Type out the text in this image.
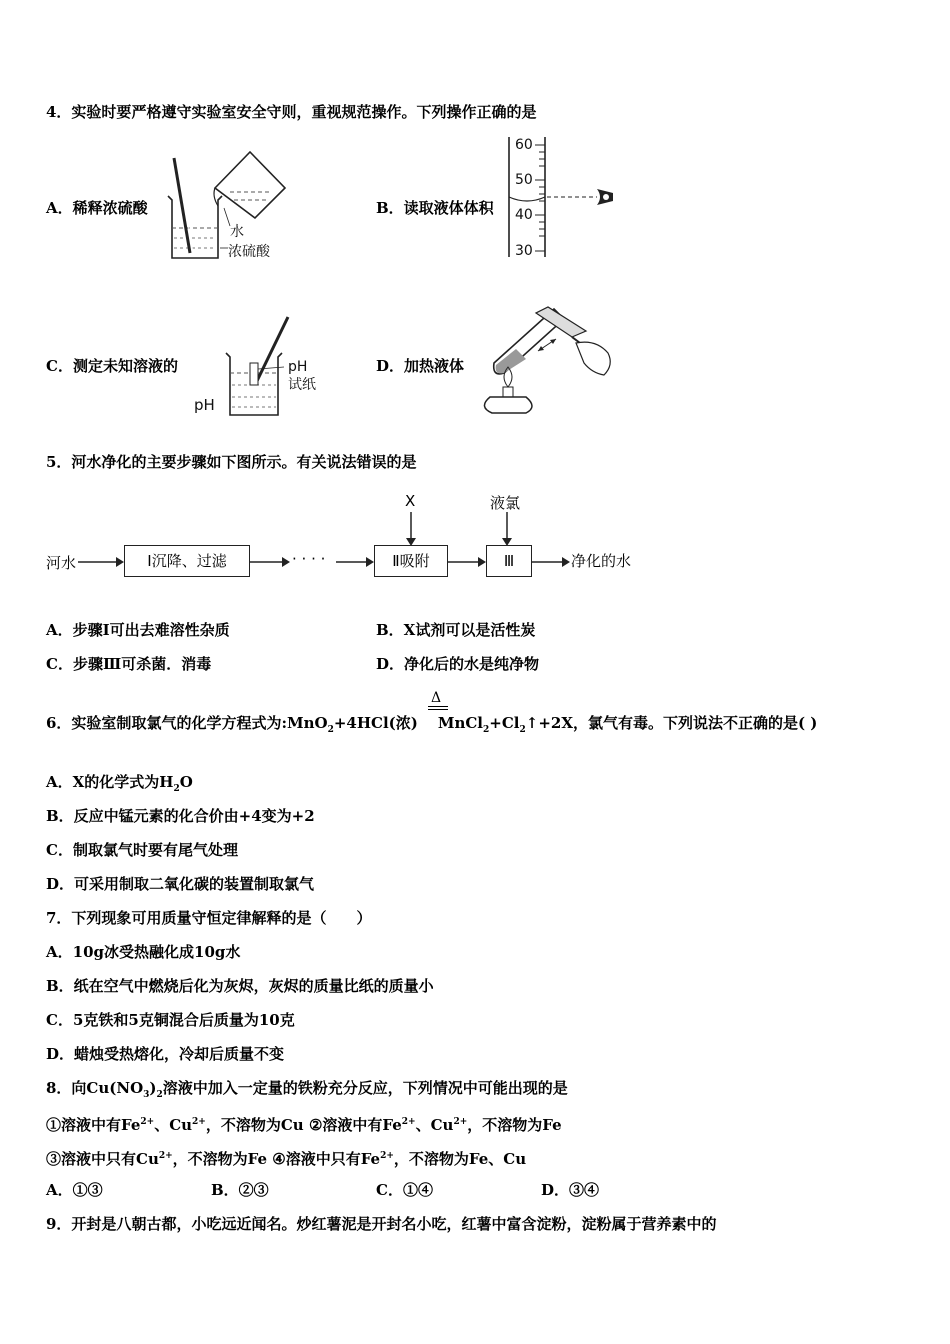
4．实验时要严格遵守实验室安全守则，重视规范操作。下列操作正确的是
A．稀释浓硫酸
水
浓硫酸
B．读取液体体积
60
50
40
30
C．测定未知溶液的	pH
试纸
pH
D．加热液体
5．河水净化的主要步骤如下图所示。有关说法错误的是
河水	Ⅰ沉降、过滤	· · · ·
X
Ⅱ吸附
液氯
Ⅲ	净化的水
A．步骤Ⅰ可出去难溶性杂质	B．X试剂可以是活性炭
C．步骤Ⅲ可杀菌．消毒	D．净化后的水是纯净物
Δ
6．实验室制取氯气的化学方程式为:MnO$_2$+4HCl(浓) $MnCl_2+Cl_2↑+2X$，氯气有毒。下列说法不正确的是( )
A．X的化学式为$H_2O$
B．反应中锰元素的化合价由+4变为+2
C．制取氯气时要有尾气处理
D．可采用制取二氧化碳的装置制取氯气
7．下列现象可用质量守恒定律解释的是（　　）
A．10g冰受热融化成10g水
B．纸在空气中燃烧后化为灰烬，灰烬的质量比纸的质量小
C．5克铁和5克铜混合后质量为10克
D．蜡烛受热熔化，冷却后质量不变
8．向$Cu(NO_3)_2$溶液中加入一定量的铁粉充分反应，下列情况中可能出现的是
①溶液中有$Fe^{2+}$、$Cu^{2+}$，不溶物为Cu ②溶液中有$Fe^{2+}$、$Cu^{2+}$，不溶物为Fe
③溶液中只有$Cu^{2+}$，不溶物为Fe ④溶液中只有$Fe^{2+}$，不溶物为Fe、Cu
A．①③	B．②③	C．①④	D．③④
9．开封是八朝古都，小吃远近闻名。炒红薯泥是开封名小吃，红薯中富含淀粉，淀粉属于营养素中的
